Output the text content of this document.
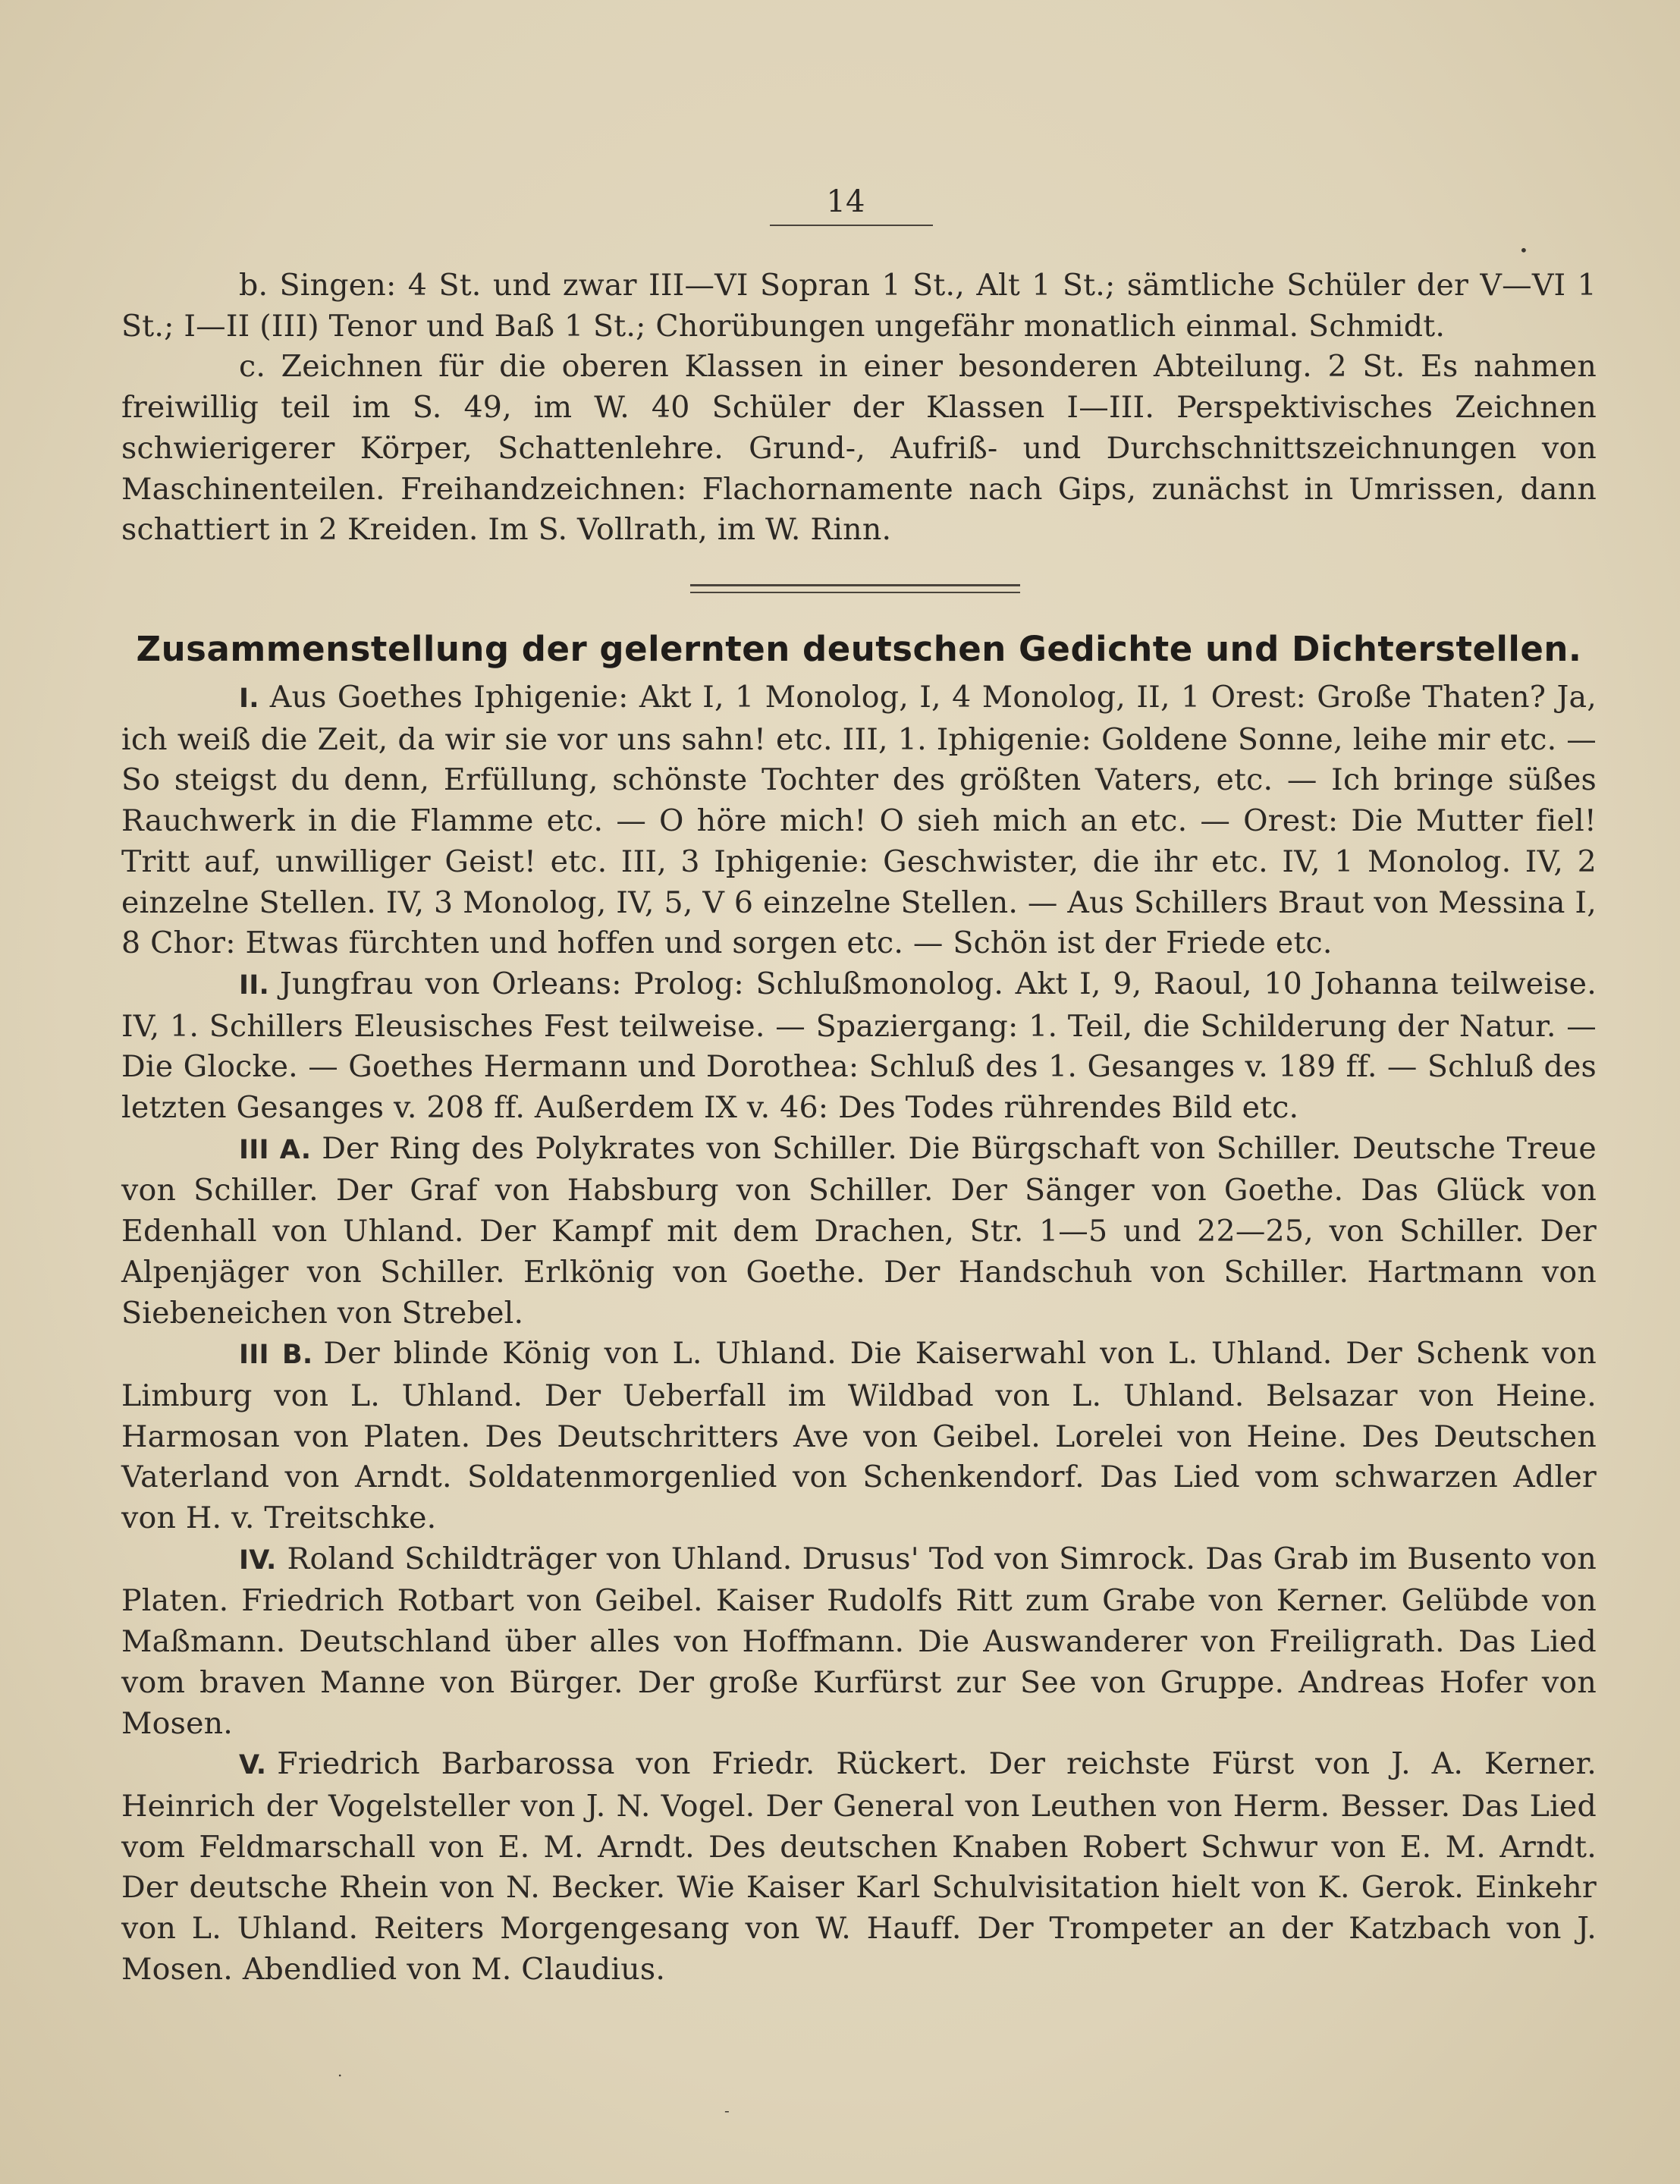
14
•
.
-

b. Singen: 4 St. und zwar III—VI Sopran 1 St., Alt 1 St.; sämtliche Schüler der V—VI 1 St.; I—II (III) Tenor und Baß 1 St.; Chorübungen ungefähr monatlich einmal. Schmidt.

c. Zeichnen für die oberen Klassen in einer besonderen Abteilung. 2 St. Es nahmen freiwillig teil im S. 49, im W. 40 Schüler der Klassen I—III. Perspektivisches Zeichnen schwierigerer Körper, Schattenlehre. Grund-, Aufriß- und Durchschnittszeichnungen von Maschinenteilen. Freihandzeichnen: Flachornamente nach Gips, zunächst in Umrissen, dann schattiert in 2 Kreiden. Im S. Vollrath, im W. Rinn.

Zusammenstellung der gelernten deutschen Gedichte und Dichterstellen.

I. Aus Goethes Iphigenie: Akt I, 1 Monolog, I, 4 Monolog, II, 1 Orest: Große Thaten? Ja, ich weiß die Zeit, da wir sie vor uns sahn! etc. III, 1. Iphigenie: Goldene Sonne, leihe mir etc. — So steigst du denn, Erfüllung, schönste Tochter des größten Vaters, etc. — Ich bringe süßes Rauchwerk in die Flamme etc. — O höre mich! O sieh mich an etc. — Orest: Die Mutter fiel! Tritt auf, unwilliger Geist! etc. III, 3 Iphigenie: Geschwister, die ihr etc. IV, 1 Monolog. IV, 2 einzelne Stellen. IV, 3 Monolog, IV, 5, V 6 einzelne Stellen. — Aus Schillers Braut von Messina I, 8 Chor: Etwas fürchten und hoffen und sorgen etc. — Schön ist der Friede etc.

II. Jungfrau von Orleans: Prolog: Schlußmonolog. Akt I, 9, Raoul, 10 Johanna teilweise. IV, 1. Schillers Eleusisches Fest teilweise. — Spaziergang: 1. Teil, die Schilderung der Natur. — Die Glocke. — Goethes Hermann und Dorothea: Schluß des 1. Gesanges v. 189 ff. — Schluß des letzten Gesanges v. 208 ff. Außerdem IX v. 46: Des Todes rührendes Bild etc.

III A. Der Ring des Polykrates von Schiller. Die Bürgschaft von Schiller. Deutsche Treue von Schiller. Der Graf von Habsburg von Schiller. Der Sänger von Goethe. Das Glück von Edenhall von Uhland. Der Kampf mit dem Drachen, Str. 1—5 und 22—25, von Schiller. Der Alpenjäger von Schiller. Erlkönig von Goethe. Der Handschuh von Schiller. Hartmann von Siebeneichen von Strebel.

III B. Der blinde König von L. Uhland. Die Kaiserwahl von L. Uhland. Der Schenk von Limburg von L. Uhland. Der Ueberfall im Wildbad von L. Uhland. Belsazar von Heine. Harmosan von Platen. Des Deutschritters Ave von Geibel. Lorelei von Heine. Des Deutschen Vaterland von Arndt. Soldatenmorgenlied von Schenkendorf. Das Lied vom schwarzen Adler von H. v. Treitschke.

IV. Roland Schildträger von Uhland. Drusus' Tod von Simrock. Das Grab im Busento von Platen. Friedrich Rotbart von Geibel. Kaiser Rudolfs Ritt zum Grabe von Kerner. Gelübde von Maßmann. Deutschland über alles von Hoffmann. Die Auswanderer von Freiligrath. Das Lied vom braven Manne von Bürger. Der große Kurfürst zur See von Gruppe. Andreas Hofer von Mosen.

V. Friedrich Barbarossa von Friedr. Rückert. Der reichste Fürst von J. A. Kerner. Heinrich der Vogelsteller von J. N. Vogel. Der General von Leuthen von Herm. Besser. Das Lied vom Feldmarschall von E. M. Arndt. Des deutschen Knaben Robert Schwur von E. M. Arndt. Der deutsche Rhein von N. Becker. Wie Kaiser Karl Schulvisitation hielt von K. Gerok. Einkehr von L. Uhland. Reiters Morgengesang von W. Hauff. Der Trompeter an der Katzbach von J. Mosen. Abendlied von M. Claudius.
